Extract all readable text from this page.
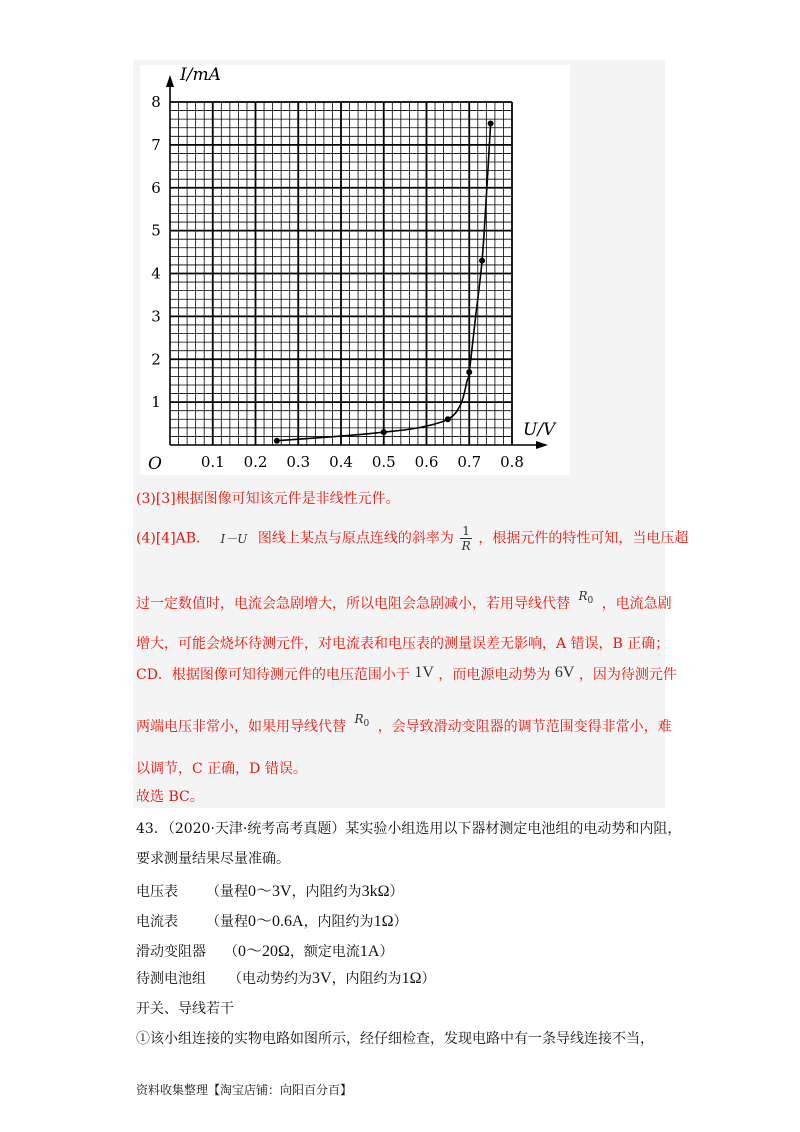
0.1 0.2 0.3 0.4 0.5 0.6 0.7 0.8
1
2
3
4
5
6
7
8
I/mA
U/V
O
(3)[3]根据图像可知该元件是非线性元件。
(4)[4]AB． I－U 图线上某点与原点连线的斜率为 $\frac{1}{R}$ ，根据元件的特性可知，当电压超
过一定数值时，电流会急剧增大，所以电阻会急剧减小，若用导线代替 $R_0$ ，电流急剧
增大，可能会烧坏待测元件，对电流表和电压表的测量误差无影响，A 错误，B 正确；
CD．根据图像可知待测元件的电压范围小于 1V ，而电源电动势为 6V ，因为待测元件
两端电压非常小，如果用导线代替 $R_0$ ，会导致滑动变阻器的调节范围变得非常小，难
以调节，C 正确，D 错误。
故选 BC。
43．（2020·天津·统考高考真题）某实验小组选用以下器材测定电池组的电动势和内阻，
要求测量结果尽量准确。
电压表 （量程0～3V，内阻约为3kΩ）
电流表 （量程0～0.6A，内阻约为1Ω）
滑动变阻器 （0～20Ω，额定电流1A）
待测电池组 （电动势约为3V，内阻约为1Ω）
开关、导线若干
①该小组连接的实物电路如图所示，经仔细检查，发现电路中有一条导线连接不当，
资料收集整理【淘宝店铺：向阳百分百】
